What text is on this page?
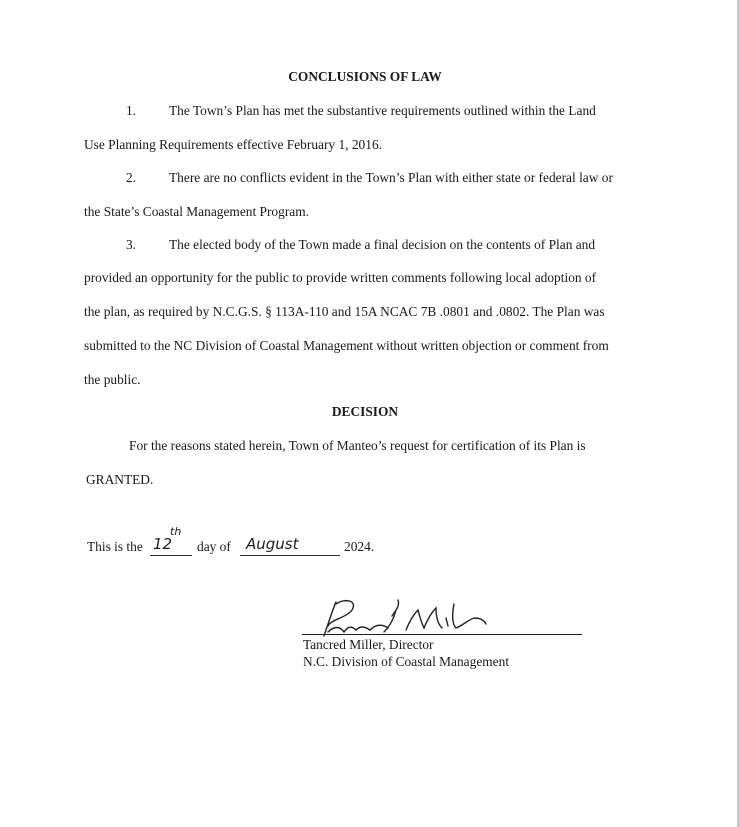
CONCLUSIONS OF LAW
1. The Town’s Plan has met the substantive requirements outlined within the Land
Use Planning Requirements effective February 1, 2016.
2. There are no conflicts evident in the Town’s Plan with either state or federal law or
the State’s Coastal Management Program.
3. The elected body of the Town made a final decision on the contents of Plan and
provided an opportunity for the public to provide written comments following local adoption of
the plan, as required by N.C.G.S. § 113A-110 and 15A NCAC 7B .0801 and .0802. The Plan was
submitted to the NC Division of Coastal Management without written objection or comment from
the public.
DECISION
For the reasons stated herein, Town of Manteo’s request for certification of its Plan is
GRANTED.
This is the 12
th
day of August	2024.
Tancred Miller, Director
N.C. Division of Coastal Management
